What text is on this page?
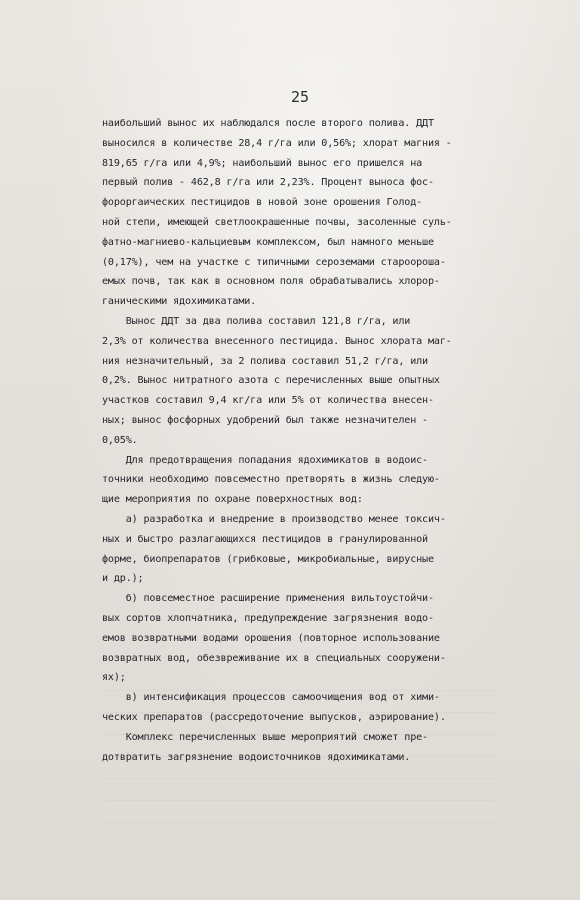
25
наибольший вынос их наблюдался после второго полива. ДДТ
выносился в количестве 28,4 г/га или 0,56%; хлорат магния -
819,65 г/га или 4,9%; наибольший вынос его пришелся на
первый полив - 462,8 г/га или 2,23%. Процент выноса фос-
фороргаических пестицидов в новой зоне орошения Голод-
ной степи, имеющей светлоокрашенные почвы, засоленные суль-
фатно-магниево-кальциевым комплексом, был намного меньше
(0,17%), чем на участке с типичными сероземами староороша-
емых почв, так как в основном поля обрабатывались хлорор-
ганическими ядохимикатами.
Вынос ДДТ за два полива составил 121,8 г/га, или
2,3% от количества внесенного пестицида. Вынос хлората маг-
ния незначительный, за 2 полива составил 51,2 г/га, или
0,2%. Вынос нитратного азота с перечисленных выше опытных
участков составил 9,4 кг/га или 5% от количества внесен-
ных; вынос фосфорных удобрений был также незначителен -
0,05%.
Для предотвращения попадания ядохимикатов в водоис-
точники необходимо повсеместно претворять в жизнь следую-
щие мероприятия по охране поверхностных вод:
а) разработка и внедрение в производство менее токсич-
ных и быстро разлагающихся пестицидов в гранулированной
форме, биопрепаратов (грибковые, микробиальные, вирусные
и др.);
б) повсеместное расширение применения вильтоустойчи-
вых сортов хлопчатника, предупреждение загрязнения водо-
емов возвратными водами орошения (повторное использование
возвратных вод, обезвреживание их в специальных сооружени-
ях);
в) интенсификация процессов самоочищения вод от хими-
ческих препаратов (рассредоточение выпусков, аэрирование).
Комплекс перечисленных выше мероприятий сможет пре-
дотвратить загрязнение водоисточников ядохимикатами.
